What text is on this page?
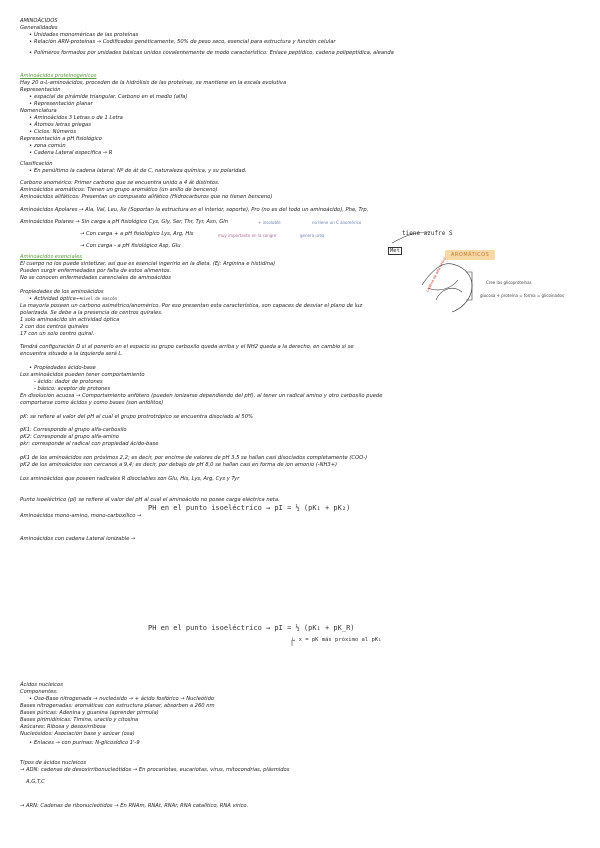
AMINOÁCIDOS
Generalidades
• Unidades monoméricas de las proteínas
• Relación ARN-proteínas → Codificados genéticamente, 50% de peso seco, esencial para estructura y función celular
• Polímeros formados por unidades básicas unidos covalentemente de modo característico: Enlace peptídico, cadena polipeptídica, aleanda
Aminoácidos proteinogénicos
Hay 20 α-L-aminoácidos, proceden de la hidrólisis de las proteínas, se mantiene en la escala evolutiva
Representación
• espacial de pirámide triangular. Carbono en el medio (alfa)
• Representación planar
Nomenclatura
• Aminoácidos 3 Letras o de 1 Letra
• Átomos letras griegas
• Ciclos: Números
Representación a pH fisiológico
• zona común
• Cadena Lateral específica → R
Clasificación
• En penúltimo la cadena lateral: Nº de át de C, naturaleza química, y su polaridad.
Carbono anomérico: Primer carbono que se encuentra unido a 4 át distintos.
Aminoácidos aromáticos: Tienen un grupo aromático (un anillo de benceno)
Aminoácidos alifáticos: Presentan un compuesto alifático (Hidrocarburos que no tienen benceno)
Aminoácidos Apolares → Ala, Val, Leu, Ile (Soportan la estructura en el interior, soporte), Pro (no es del todo un aminoácido), Phe, Trp,
Aminoácidos Polares → Sin carga a pH fisiológico Cys, Gly, Ser, Thr, Tyr, Asn, Gln
→ Con carga + a pH fisiológico Lys, Arg, His
→ Con carga - a pH fisiológico Asp, Glu
Aminoácidos esenciales
El cuerpo no los puede sintetizar, así que es esencial ingerirlo en la dieta. (Ej: Arginina e histidina)
Pueden surgir enfermedades por falta de estos alimentos.
No se conocen enfermedades carenciales de aminoácidos
Propiedades de los aminoácidos
• Actividad óptica →
La mayoría poseen un carbono asimétrico/anomérico. Por eso presentan esta característica, son capaces de desviar el plano de luz
polarizada. Se debe a la presencia de centros quirales.
1 solo aminoácido sin actividad óptica
2 con dos centros quirales
17 con un solo centro quiral.
Tendrá configuración D si al ponerlo en el espacio su grupo carboxilo queda arriba y el NH2 queda a la derecho, en cambio si se
encuentra situado a la izquierda será L.
• Propiedades ácido-base
Los aminoácidos pueden tener comportamiento
- ácido: dador de protones
- básico: aceptor de protones
En disolución acuosa → Comportamiento anfótero (pueden ionizarse dependiendo del pH), al tener un radical amino y otro carboxilo puede
comportarse como ácidos y como bases (son anfólitos)
pK: se refiere al valor del pH al cual el grupo protrotrópico se encuentra disociado al 50%
pK1: Corresponde al grupo alfa-carboxilo
pK2: Corresponde al grupo alfa-amino
pkr: corresponde al radical con propiedad ácido-base
pK1 de los aminoácidos son próximos 2,2; es decir, por encima de valores de pH 3,5 se hallan casi disociados completamente (COO-)
pK2 de los aminoácidos son cercanos a 9,4; es decir, por debajo de pH 8,0 se hallan casi en forma de ion amonio (-NH3+)
Los aminoácidos que poseen radicales R disociables son Glu, His, Lys, Arg, Cys y Tyr
Punto isoeléctrico (pI) se refiere al valor del pH al cual el aminoácido no posee carga eléctrica neta.
Aminoácidos mono-amino, mono-carboxílico →
Aminoácidos con cadena Lateral ionizable →
Ácidos nucleicos
Componentes:
• Oso-Base nitrogenada → nucleósido → + ácido fosfórico → Nucleótido
Bases nitrogenadas: aromáticas con estructura planar, absorben a 260 nm
Bases púricas: Adenina y guanina (aprender pirmula)
Bases pirimidínicas: Timina, uracilo y citosina
Azúcares: Ribosa y desoxirribosa
Nucleósidos: Asociación base y azúcar (osa)
• Enlaces → con purinas: N-glicosídico 1'-9
Tipos de ácidos nucleicos
→ ADN: cadenas de desoxirribonucleótidos → En procariotas, eucariotas, virus, mitocondrias, plásmidos
A,G,T,C
→ ARN: Cadenas de ribonucleótidos → En RNAm, RNAt, RNAr, RNA catalítico, RNA vírico.
→ nivel de mascón
PH en el punto isoeléctrico → pI = ½ (pK₁ + pK₂)
PH en el punto isoeléctrico → pI = ½ (pK₁ + pK_R)
↳ x = pK más próximo al pK₁
tiene azufre S
Met
+ insoluble	no tiene un C anomérico
muy importante en la sangre	genera urea
Cree las glicoproteínas
glucosa + proteína = forma = glicoinados
AROMÁTICOS
cadena de alfa hélice
